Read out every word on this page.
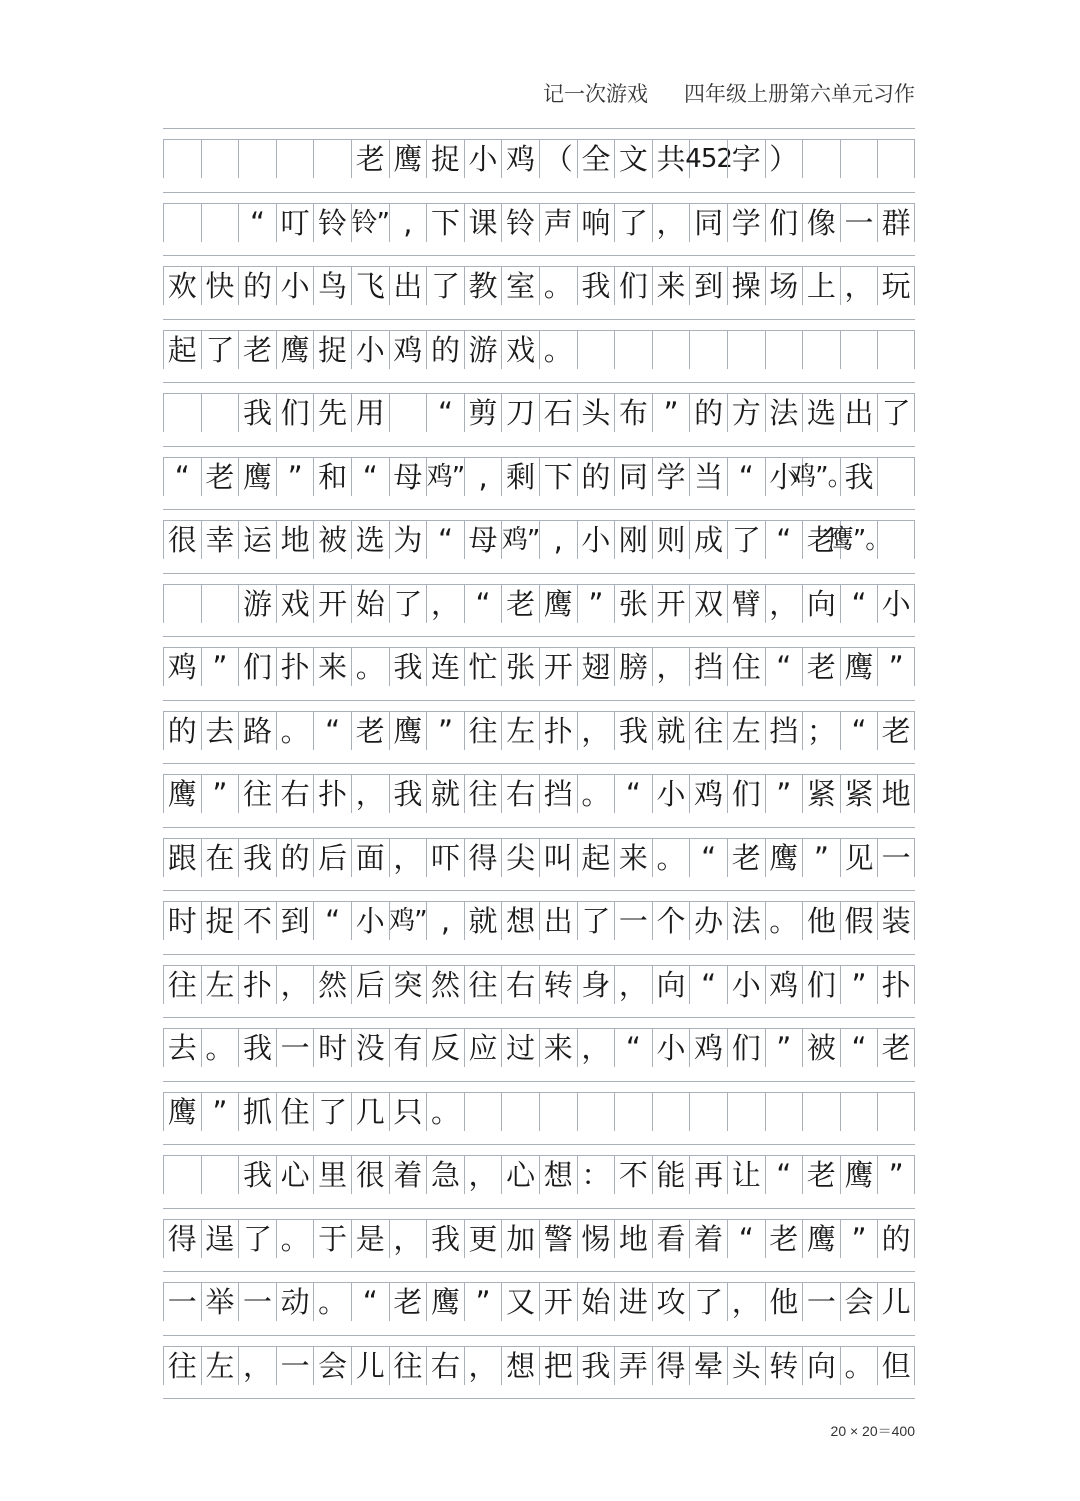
记一次游戏 四年级上册第六单元习作
老 鹰 捉 小 鸡 （ 全 文 共 452 字 ）
“ 叮 铃 铃” , 下 课 铃 声 响 了 ， 同 学 们 像 一 群
欢 快 的 小 鸟 飞 出 了 教 室 。 我 们 来 到 操 场 上 ， 玩
起 了 老 鹰 捉 小 鸡 的 游 戏 。
我 们 先 用	“ 剪 刀 石 头 布 ” 的 方 法 选 出 了
“ 老 鹰 ” 和 “ 母 鸡” , 剩 下 的 同 学 当 “ 小
鸡”。
我
很 幸 运 地 被 选 为 “ 母 鸡” , 小 刚 则 成 了 “ 老
鹰”。
游 戏 开 始 了 ， “ 老 鹰 ” 张 开 双 臂 ， 向 “ 小
鸡 ” 们 扑 来 。 我 连 忙 张 开 翅 膀 ， 挡 住 “ 老 鹰 ”
的 去 路 。 “ 老 鹰 ” 往 左 扑 ， 我 就 往 左 挡 ； “ 老
鹰 ” 往 右 扑 ， 我 就 往 右 挡 。 “ 小 鸡 们 ” 紧 紧 地
跟 在 我 的 后 面 ， 吓 得 尖 叫 起 来 。 “ 老 鹰 ” 见 一
时 捉 不 到 “ 小 鸡” , 就 想 出 了 一 个 办 法 。 他 假 装
往 左 扑 ， 然 后 突 然 往 右 转 身 ， 向 “ 小 鸡 们 ” 扑
去 。 我 一 时 没 有 反 应 过 来 ， “ 小 鸡 们 ” 被 “ 老
鹰 ” 抓 住 了 几 只 。
我 心 里 很 着 急 ， 心 想 ： 不 能 再 让 “ 老 鹰 ”
得 逞 了 。 于 是 ， 我 更 加 警 惕 地 看 着 “ 老 鹰 ” 的
一 举 一 动 。 “ 老 鹰 ” 又 开 始 进 攻 了 ， 他 一 会 儿
往 左 ， 一 会 儿 往 右 ， 想 把 我 弄 得 晕 头 转 向 。 但
20 × 20＝400
